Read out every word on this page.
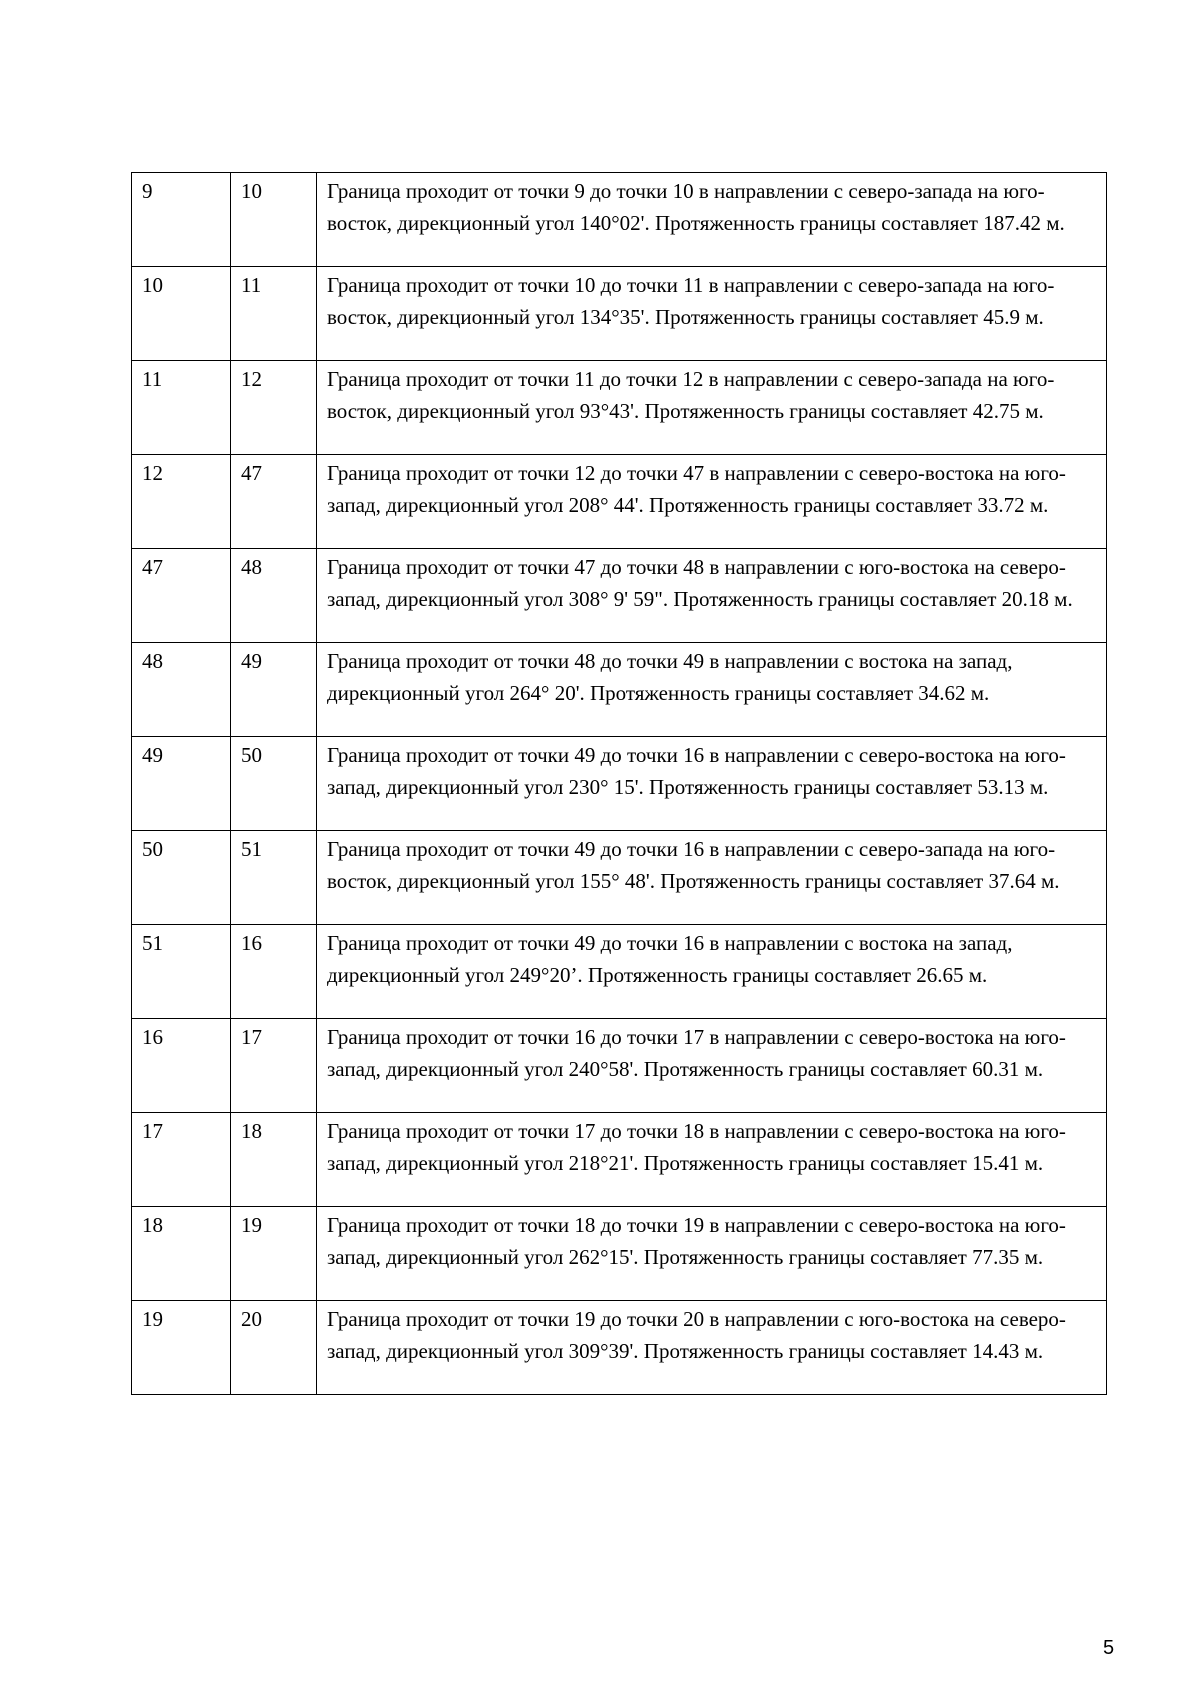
9	10	Граница проходит от точки 9 до точки 10 в направлении с северо-запада на юго-восток, дирекционный угол 140°02'. Протяженность границы составляет 187.42 м.
10	11	Граница проходит от точки 10 до точки 11 в направлении с северо-запада на юго-восток, дирекционный угол 134°35'. Протяженность границы составляет 45.9 м.
11	12	Граница проходит от точки 11 до точки 12 в направлении с северо-запада на юго-восток, дирекционный угол 93°43'. Протяженность границы составляет 42.75 м.
12	47	Граница проходит от точки 12 до точки 47 в направлении с северо-востока на юго-запад, дирекционный угол 208° 44'. Протяженность границы составляет 33.72 м.
47	48	Граница проходит от точки 47 до точки 48 в направлении с юго-востока на северо-запад, дирекционный угол 308° 9' 59". Протяженность границы составляет 20.18 м.
48	49	Граница проходит от точки 48 до точки 49 в направлении с востока на запад, дирекционный угол 264° 20'. Протяженность границы составляет 34.62 м.
49	50	Граница проходит от точки 49 до точки 16 в направлении с северо-востока на юго-запад, дирекционный угол 230° 15'. Протяженность границы составляет 53.13 м.
50	51	Граница проходит от точки 49 до точки 16 в направлении с северо-запада на юго-восток, дирекционный угол 155° 48'. Протяженность границы составляет 37.64 м.
51	16	Граница проходит от точки 49 до точки 16 в направлении с востока на запад, дирекционный угол 249°20’. Протяженность границы составляет 26.65 м.
16	17	Граница проходит от точки 16 до точки 17 в направлении с северо-востока на юго-запад, дирекционный угол 240°58'. Протяженность границы составляет 60.31 м.
17	18	Граница проходит от точки 17 до точки 18 в направлении с северо-востока на юго-запад, дирекционный угол 218°21'. Протяженность границы составляет 15.41 м.
18	19	Граница проходит от точки 18 до точки 19 в направлении с северо-востока на юго-запад, дирекционный угол 262°15'. Протяженность границы составляет 77.35 м.
19	20	Граница проходит от точки 19 до точки 20 в направлении с юго-востока на северо-запад, дирекционный угол 309°39'. Протяженность границы составляет 14.43 м.
5
